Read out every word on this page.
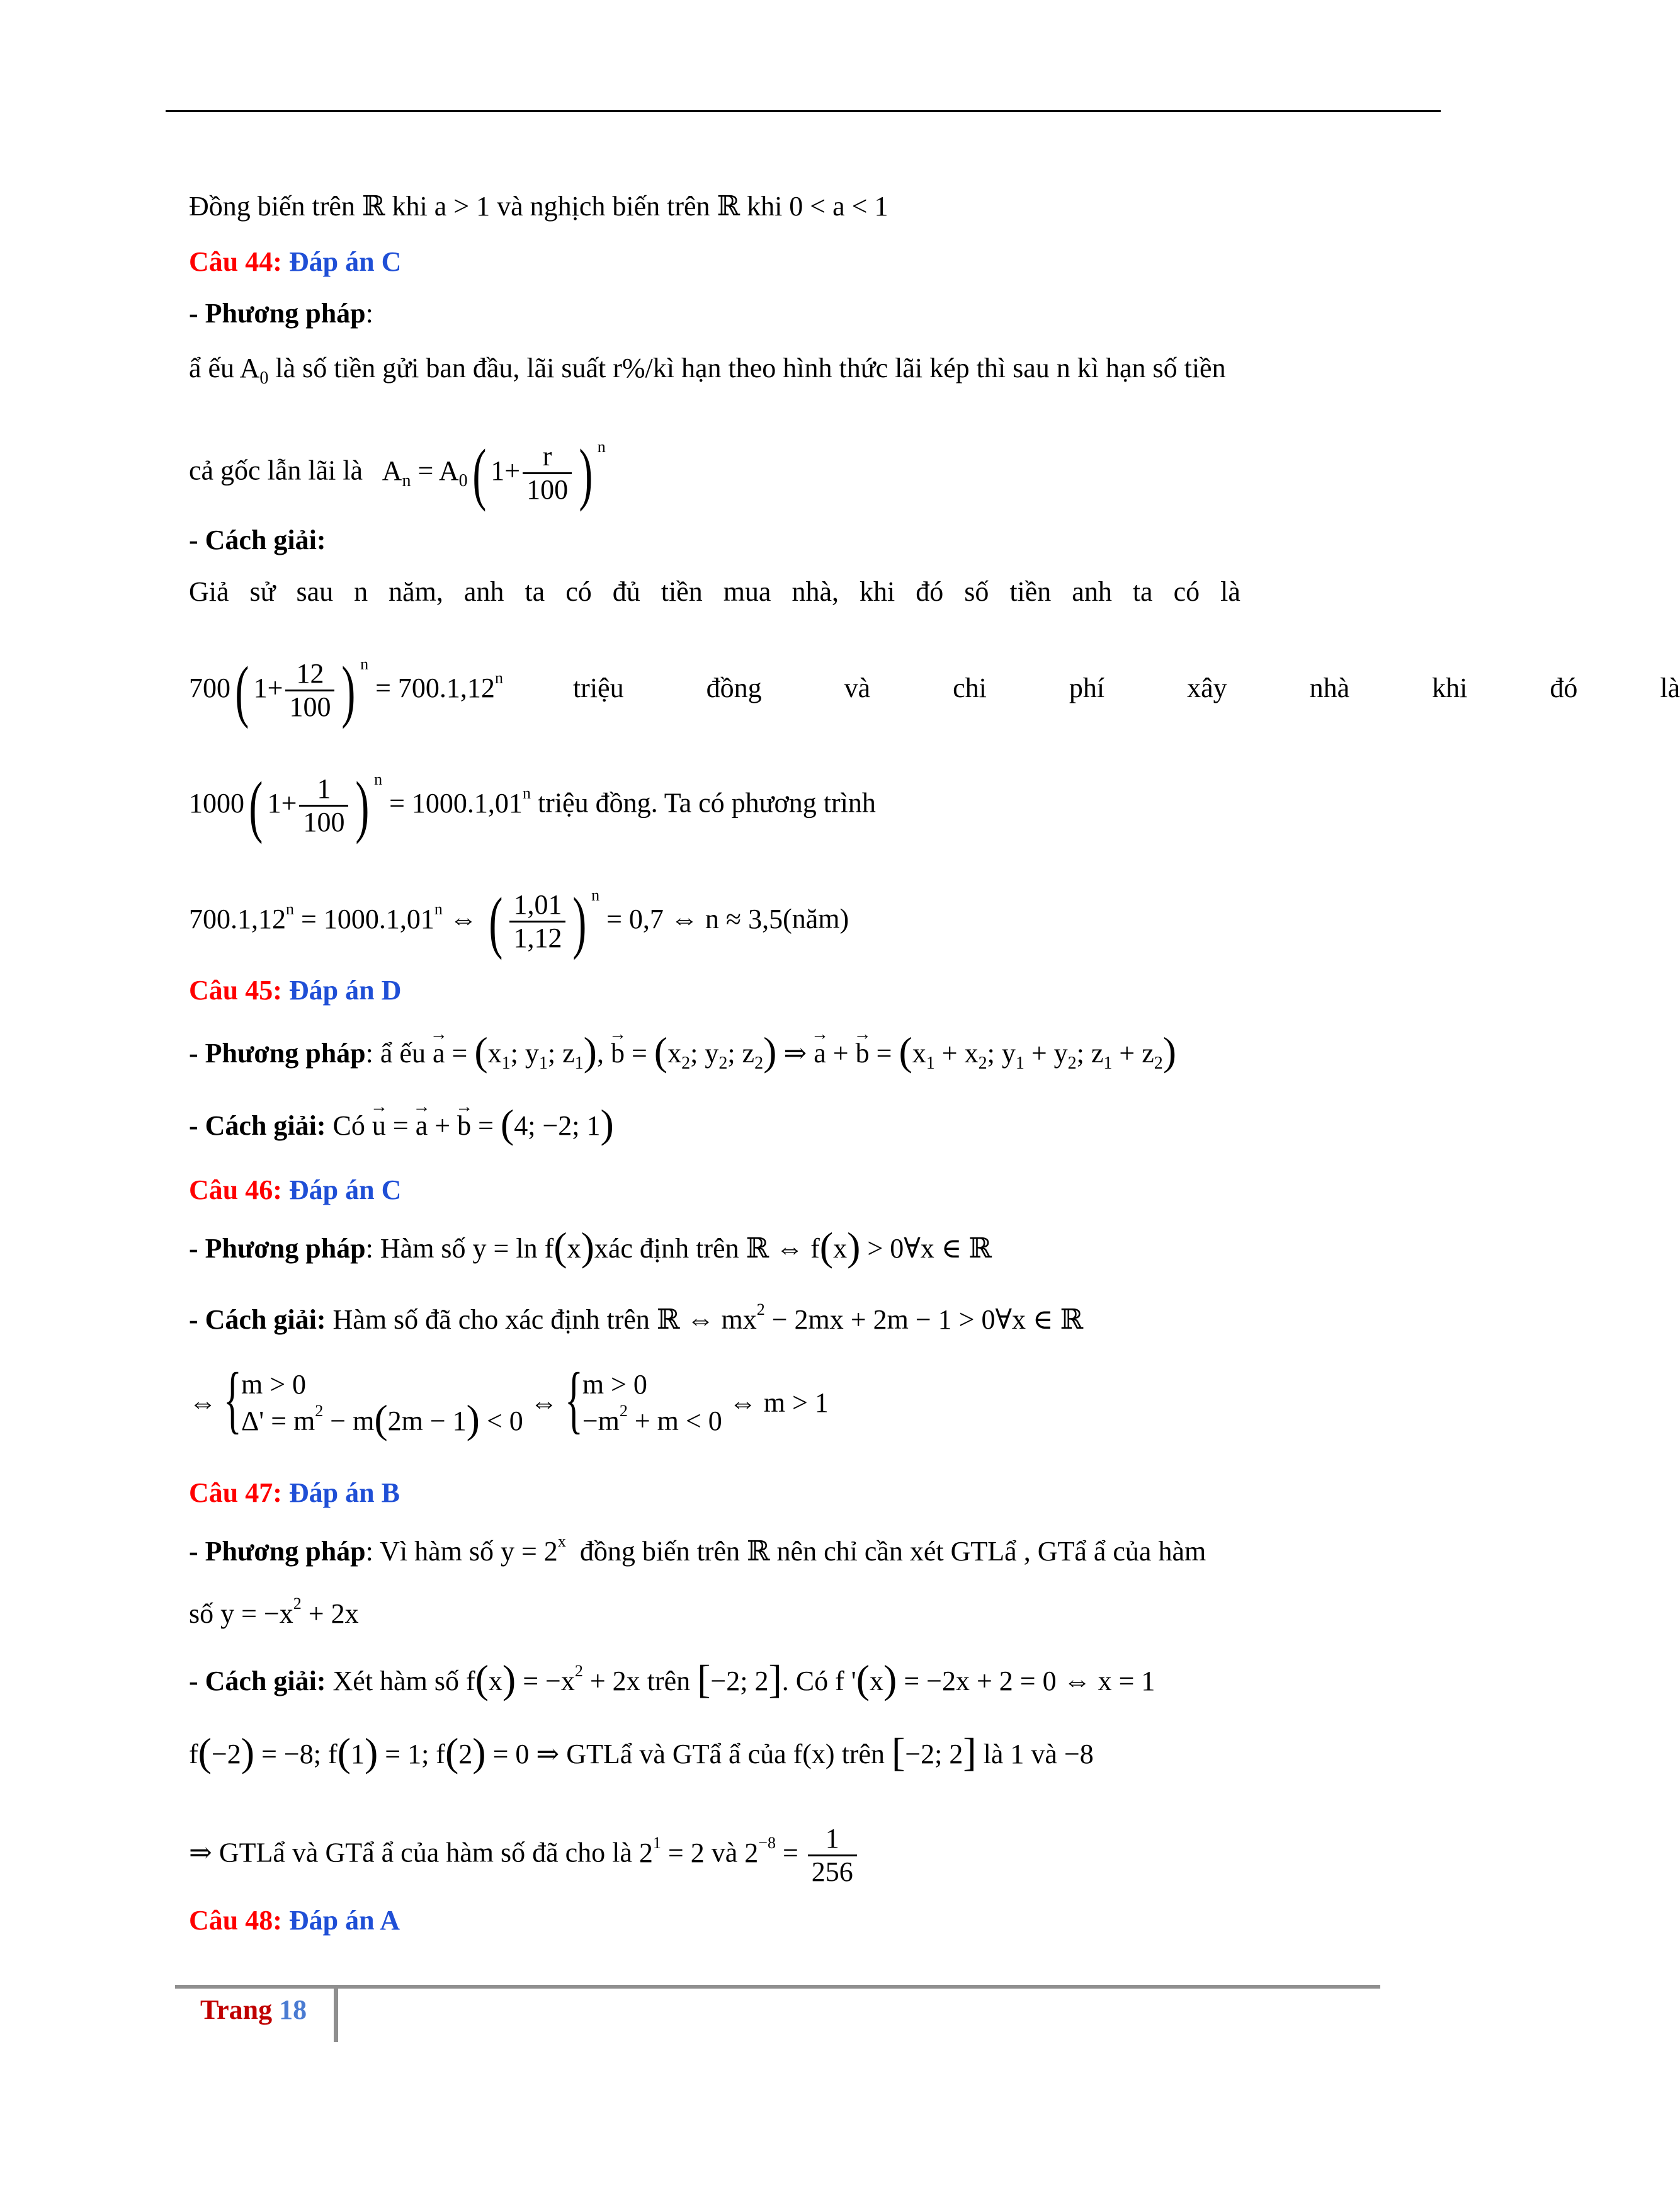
Đồng biến trên ℝ khi a > 1 và nghịch biến trên ℝ khi 0 < a < 1
Câu 44: Đáp án C
- Phương pháp:
ẩ ếu $A_0$ là số tiền gửi ban đầu, lãi suất r%/kì hạn theo hình thức lãi kép thì sau n kì hạn số tiền
cả gốc lẫn lãi là   $A_n = A_0$( $1+ \frac{r}{100}$ ) $^n$
- Cách giải:
Giả sử sau n năm, anh ta có đủ tiền mua nhà, khi đó số tiền anh ta có là
700( $1+ \frac{12}{100}$ ) $^n = 700.1,12^n$	triệu đồng và chi phí xây nhà khi đó là
1000( $1+ \frac{1}{100}$ ) $^n = 1000.1,01^n$ triệu đồng. Ta có phương trình
$700.1,12^n = 1000.1,01^n$ ⇔ ( $\frac{1,01}{1,12}$ ) $^n$ = 0,7 ⇔ n ≈ 3,5(năm)
Câu 45: Đáp án D
- Phương pháp: ẩ ếu → $a = (x_1$; $y_1$; $z_1$), → $b = (x_2$; $y_2$; $z_2$) ⇒ → a + → $b = (x_1 + x_2$; $y_1 + y_2$; $z_1 + z_2$)
- Cách giải: Có → u = → a + → b = (4; −2; 1)
Câu 46: Đáp án C
- Phương pháp: Hàm số y = ln f(x)xác định trên ℝ ⇔ f(x) > 0∀x ∈ ℝ
- Cách giải: Hàm số đã cho xác định trên ℝ ⇔ $mx^2 - 2mx + 2m - 1$ > 0∀x ∈ ℝ
⇔ { m > 0
$\Delta' = m^2 - m(2m - 1) < 0$
⇔ { m > 0
$-m^2 + m < 0$
⇔ m > 1
Câu 47: Đáp án B
- Phương pháp: Vì hàm số $y = 2^x$ đồng biến trên ℝ nên chỉ cần xét GTLẩ , GTẩ ẩ của hàm
số $y = -x^2 + 2x$
- Cách giải: Xét hàm số $f(x) = -x^2 + 2x$ trên [−2; 2]. Có f '(x) = −2x + 2 = 0 ⇔ x = 1
f(−2) = −8; f(1) = 1; f(2) = 0 ⇒ GTLẩ và GTẩ ẩ của f(x) trên [−2; 2] là 1 và −8
⇒ GTLẩ và GTẩ ẩ của hàm số đã cho là $2^1 = 2$ và $2^{-8} = \frac{1}{256}$
Câu 48: Đáp án A
Trang 18
